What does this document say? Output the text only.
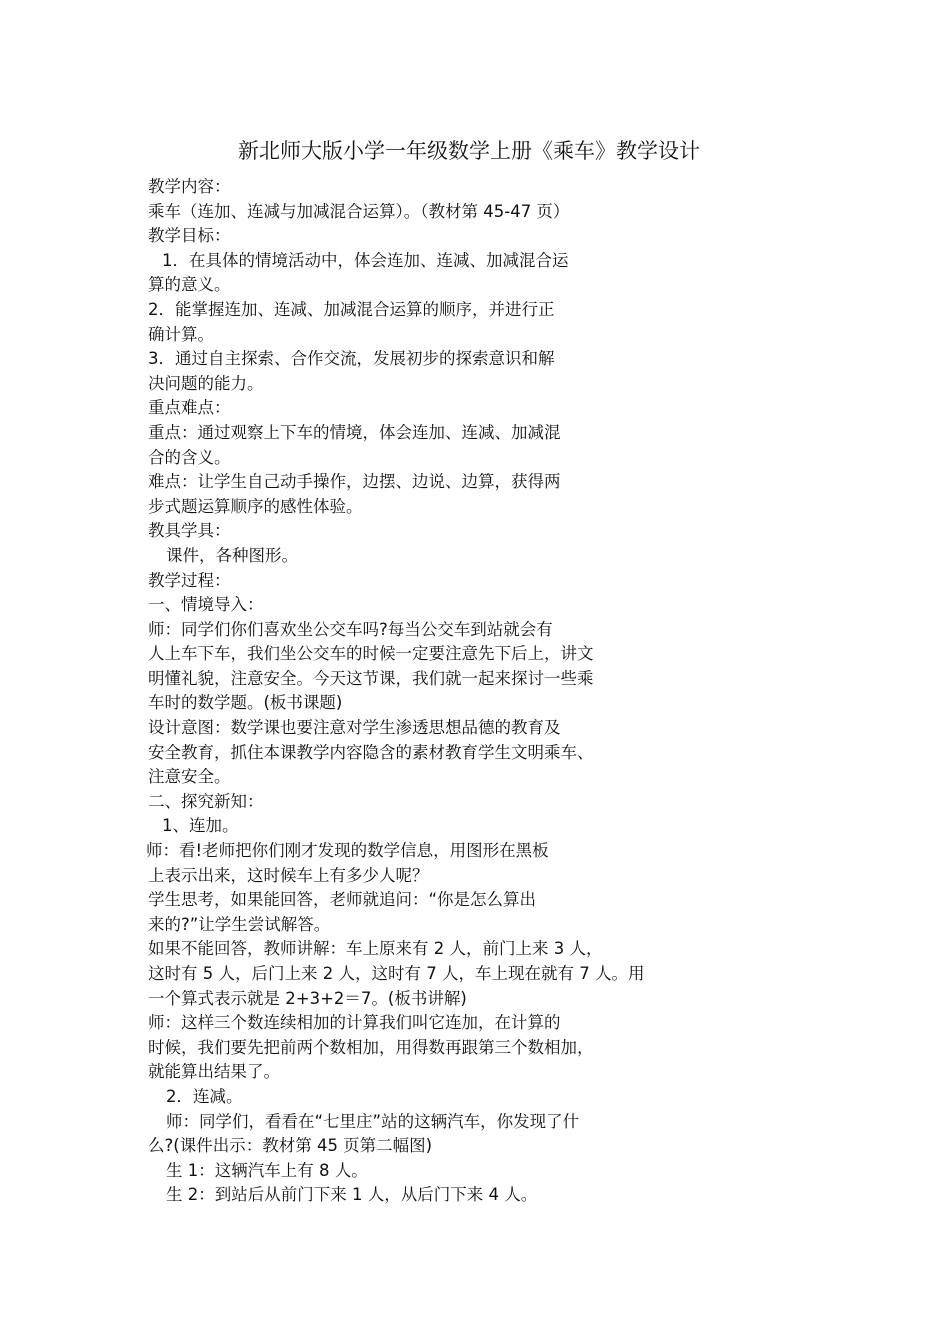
新北师大版小学一年级数学上册《乘车》教学设计
教学内容：
乘车（连加、连减与加减混合运算）。（教材第 45-47 页）
教学目标：
1．在具体的情境活动中，体会连加、连减、加减混合运
算的意义。
2．能掌握连加、连减、加减混合运算的顺序，并进行正
确计算。
3．通过自主探索、合作交流，发展初步的探索意识和解
决问题的能力。
重点难点：
重点：通过观察上下车的情境，体会连加、连减、加减混
合的含义。
难点：让学生自己动手操作，边摆、边说、边算，获得两
步式题运算顺序的感性体验。
教具学具：
课件，各种图形。
教学过程：
一、情境导入：
师：同学们你们喜欢坐公交车吗?每当公交车到站就会有
人上车下车，我们坐公交车的时候一定要注意先下后上，讲文
明懂礼貌，注意安全。今天这节课，我们就一起来探讨一些乘
车时的数学题。(板书课题)
设计意图：数学课也要注意对学生渗透思想品德的教育及
安全教育，抓住本课教学内容隐含的素材教育学生文明乘车、
注意安全。
二、探究新知：
1、连加。
师：看!老师把你们刚才发现的数学信息，用图形在黑板
上表示出来，这时候车上有多少人呢？
学生思考，如果能回答，老师就追问：“你是怎么算出
来的?”让学生尝试解答。
如果不能回答，教师讲解：车上原来有 2 人，前门上来 3 人，
这时有 5 人，后门上来 2 人，这时有 7 人，车上现在就有 7 人。用
一个算式表示就是 2+3+2＝7。(板书讲解)
师：这样三个数连续相加的计算我们叫它连加，在计算的
时候，我们要先把前两个数相加，用得数再跟第三个数相加，
就能算出结果了。
2．连减。
师：同学们，看看在“七里庄”站的这辆汽车，你发现了什
么?(课件出示：教材第 45 页第二幅图)
生 1：这辆汽车上有 8 人。
生 2：到站后从前门下来 1 人，从后门下来 4 人。
